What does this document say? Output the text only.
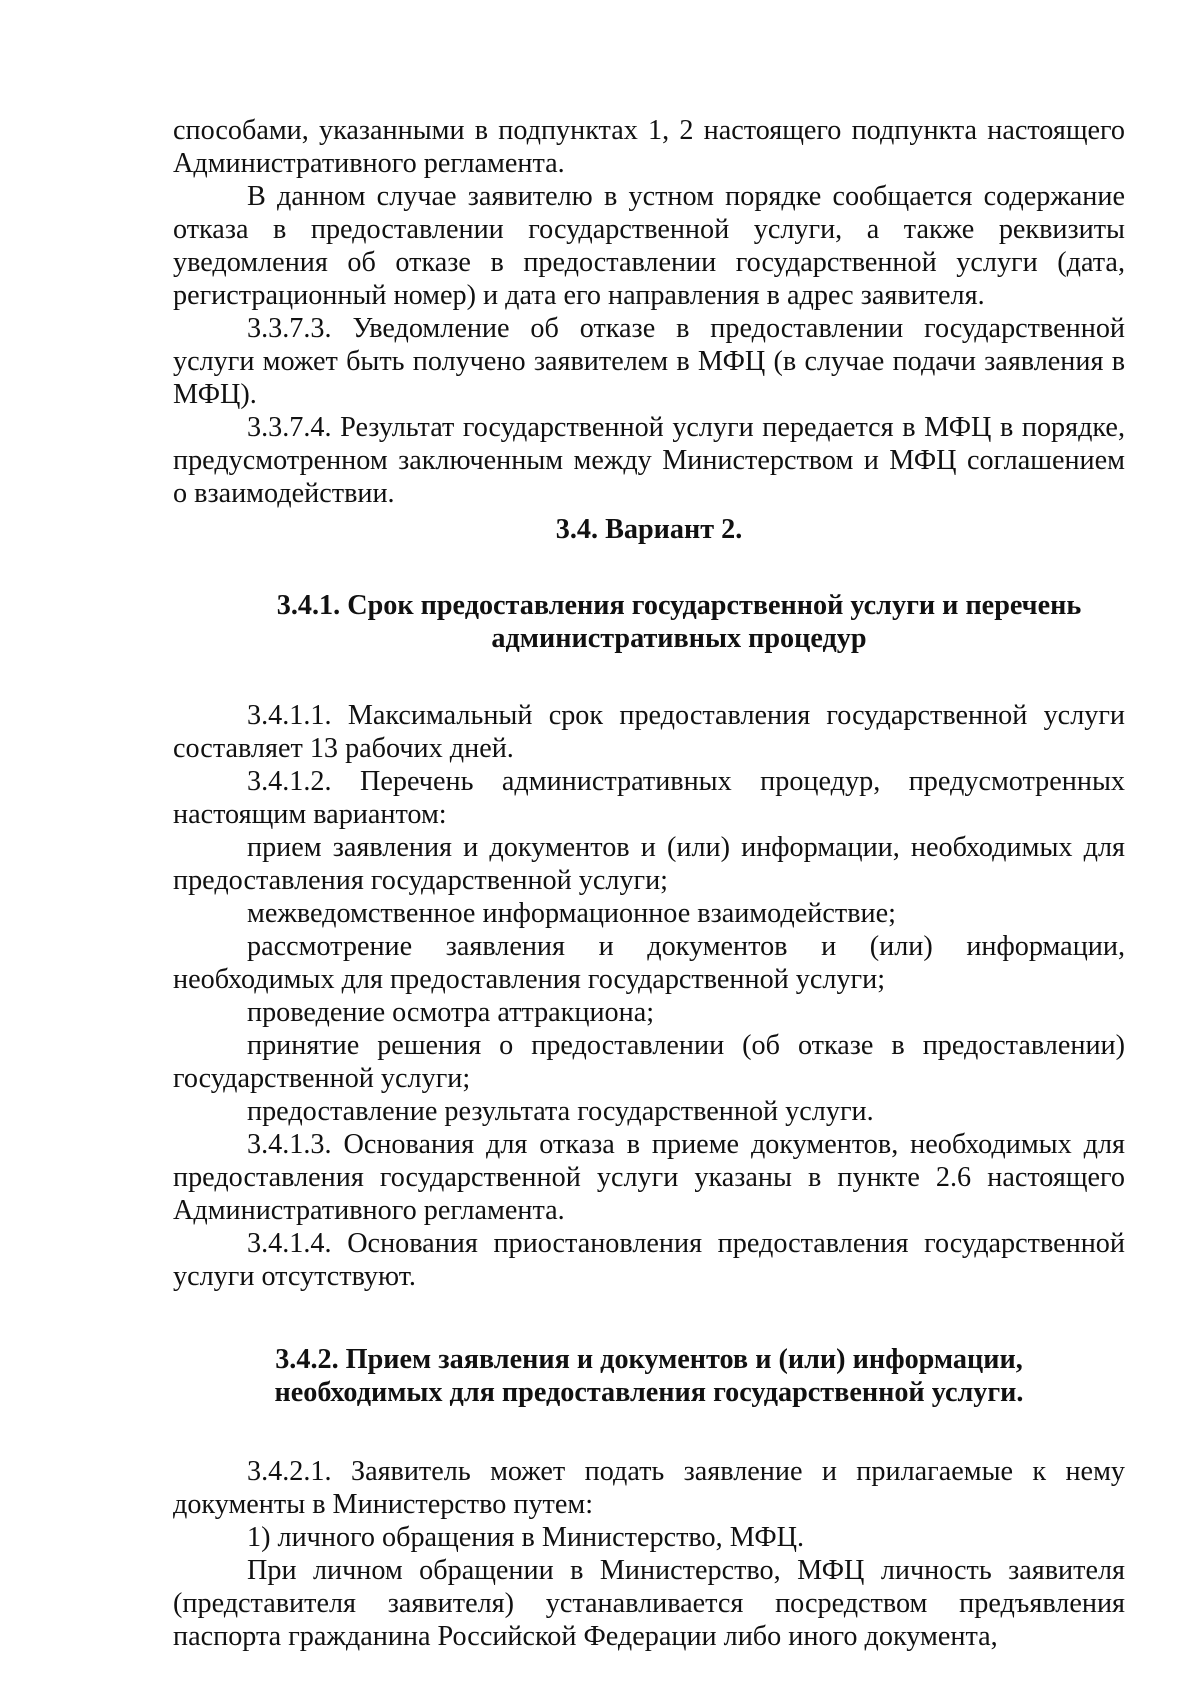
способами, указанными в подпунктах 1, 2 настоящего подпункта настоящего Административного регламента.

В данном случае заявителю в устном порядке сообщается содержание отказа в предоставлении государственной услуги, а также реквизиты уведомления об отказе в предоставлении государственной услуги (дата, регистрационный номер) и дата его направления в адрес заявителя.

3.3.7.3. Уведомление об отказе в предоставлении государственной услуги может быть получено заявителем в МФЦ (в случае подачи заявления в МФЦ).

3.3.7.4. Результат государственной услуги передается в МФЦ в порядке, предусмотренном заключенным между Министерством и МФЦ соглашением о взаимодействии.

3.4. Вариант 2.
3.4.1. Срок предоставления государственной услуги и перечень
административных процедур

3.4.1.1. Максимальный срок предоставления государственной услуги составляет 13 рабочих дней.

3.4.1.2. Перечень административных процедур, предусмотренных настоящим вариантом:

прием заявления и документов и (или) информации, необходимых для предоставления государственной услуги;

межведомственное информационное взаимодействие;

рассмотрение заявления и документов и (или) информации, необходимых для предоставления государственной услуги;

проведение осмотра аттракциона;

принятие решения о предоставлении (об отказе в предоставлении) государственной услуги;

предоставление результата государственной услуги.

3.4.1.3. Основания для отказа в приеме документов, необходимых для предоставления государственной услуги указаны в пункте 2.6 настоящего Административного регламента.

3.4.1.4. Основания приостановления предоставления государственной услуги отсутствуют.

3.4.2. Прием заявления и документов и (или) информации,
необходимых для предоставления государственной услуги.

3.4.2.1. Заявитель может подать заявление и прилагаемые к нему документы в Министерство путем:

1) личного обращения в Министерство, МФЦ.

При личном обращении в Министерство, МФЦ личность заявителя (представителя заявителя) устанавливается посредством предъявления паспорта гражданина Российской Федерации либо иного документа,
